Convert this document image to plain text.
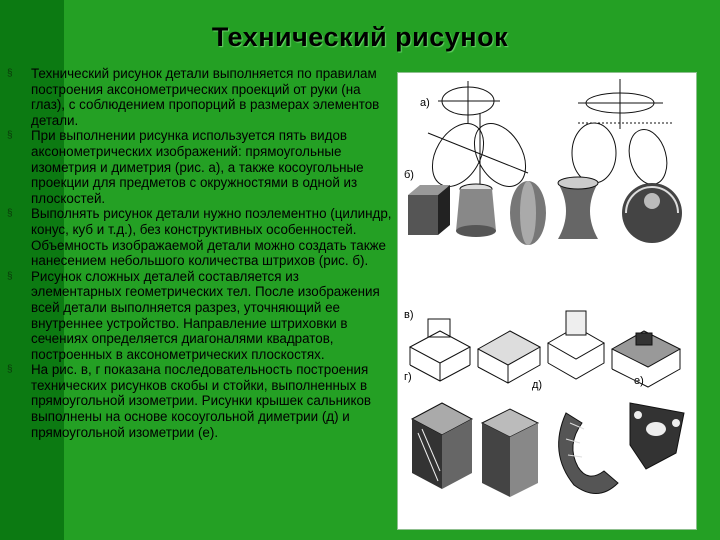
Технический рисунок
§	Технический рисунок детали выполняется по правилам построения аксонометрических проекций от руки (на глаз), с соблюдением пропорций в размерах элементов детали.
§	При выполнении рисунка используется пять видов аксонометрических изображений: прямоугольные изометрия и диметрия (рис. а), а также косоугольные проекции для предметов с окружностями в одной из плоскостей.
§	Выполнять рисунок детали нужно поэлементно (цилиндр, конус, куб и т.д.), без конструктивных особенностей. Объемность изображаемой детали можно создать также нанесением небольшого количества штрихов (рис. б).
§	Рисунок сложных деталей составляется из элементарных геометрических тел. После изображения всей детали выполняется разрез, уточняющий ее внутреннее устройство. Направление штриховки в сечениях определяется диагоналями квадратов, построенных в аксонометрических плоскостях.
§	На рис. в, г показана последовательность построения технических рисунков скобы и стойки, выполненных в прямоугольной изометрии. Рисунки крышек сальников выполнены на основе косоугольной диметрии (д) и прямоугольной изометрии (е).
а)
б)
в)
г)
д)	е)
